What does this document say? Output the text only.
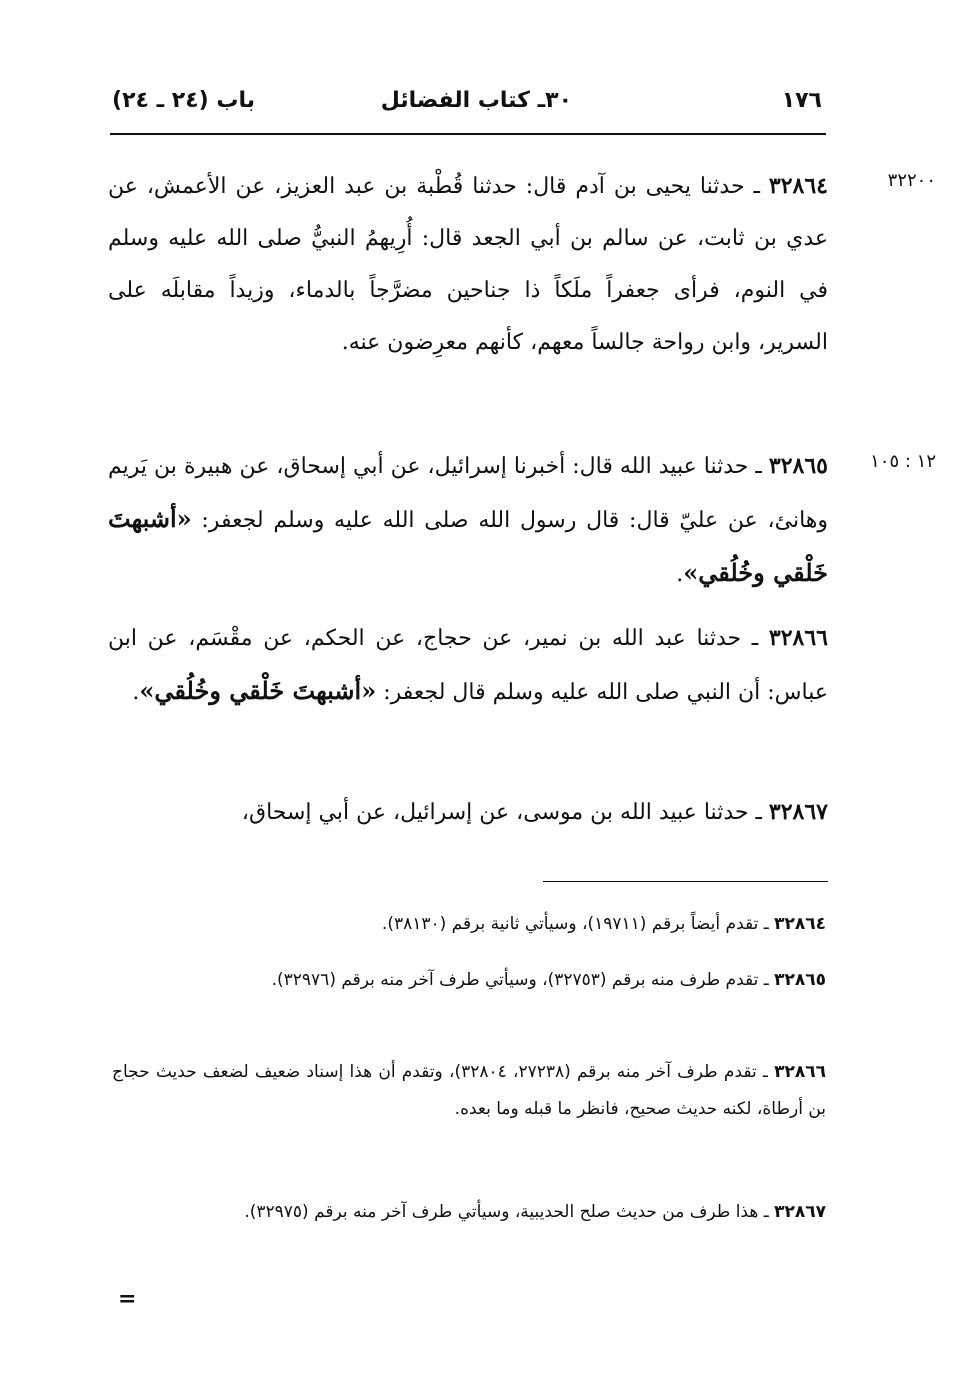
١٧٦
٣٠ـ كتاب الفضائل
باب (٢٤ ـ ٢٤)
٣٢٢٠٠
١٢ : ١٠٥
٣٢٨٦٤ ـ حدثنا يحيى بن آدم قال: حدثنا قُطْبة بن عبد العزيز، عن الأعمش، عن عدي بن ثابت، عن سالم بن أبي الجعد قال: أُرِيهمُ النبيُّ صلى الله عليه وسلم في النوم، فرأى جعفراً ملَكاً ذا جناحين مضرَّجاً بالدماء، وزيداً مقابلَه على السرير، وابن رواحة جالساً معهم، كأنهم معرِضون عنه.
٣٢٨٦٥ ـ حدثنا عبيد الله قال: أخبرنا إسرائيل، عن أبي إسحاق، عن هبيرة بن يَريم وهانئ، عن عليّ قال: قال رسول الله صلى الله عليه وسلم لجعفر: «أشبهتَ خَلْقي وخُلُقي».
٣٢٨٦٦ ـ حدثنا عبد الله بن نمير، عن حجاج، عن الحكم، عن مقْسَم، عن ابن عباس: أن النبي صلى الله عليه وسلم قال لجعفر: «أشبهتَ خَلْقي وخُلُقي».
٣٢٨٦٧ ـ حدثنا عبيد الله بن موسى، عن إسرائيل، عن أبي إسحاق،
٣٢٨٦٤ ـ تقدم أيضاً برقم (١٩٧١١)، وسيأتي ثانية برقم (٣٨١٣٠).
٣٢٨٦٥ ـ تقدم طرف منه برقم (٣٢٧٥٣)، وسيأتي طرف آخر منه برقم (٣٢٩٧٦).
٣٢٨٦٦ ـ تقدم طرف آخر منه برقم (٢٧٢٣٨، ٣٢٨٠٤)، وتقدم أن هذا إسناد ضعيف لضعف حديث حجاج بن أرطاة، لكنه حديث صحيح، فانظر ما قبله وما بعده.
٣٢٨٦٧ ـ هذا طرف من حديث صلح الحديبية، وسيأتي طرف آخر منه برقم (٣٢٩٧٥).
=
